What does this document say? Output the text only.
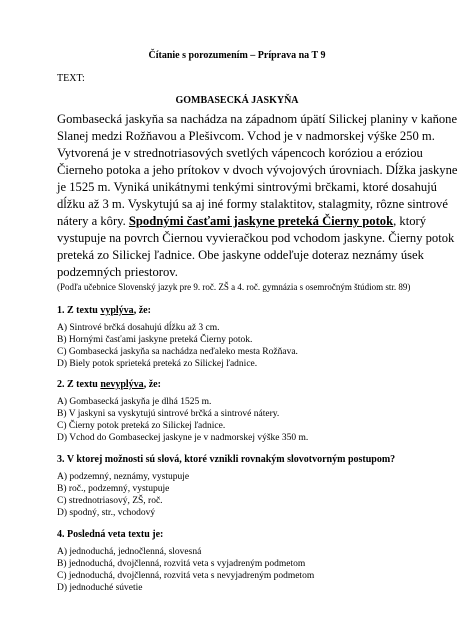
Čítanie s porozumením – Príprava na T 9
TEXT:
GOMBASECKÁ JASKYŇA
Gombasecká jaskyňa sa nachádza na západnom úpätí Silickej planiny v kaňone
Slanej medzi Rožňavou a Plešivcom. Vchod je v nadmorskej výške 250 m.
Vytvorená je v strednotriasových svetlých vápencoch koróziou a eróziou
Čierneho potoka a jeho prítokov v dvoch vývojových úrovniach. Dĺžka jaskyne
je 1525 m. Vyniká unikátnymi tenkými sintrovými brčkami, ktoré dosahujú
dĺžku až 3 m. Vyskytujú sa aj iné formy stalaktitov, stalagmity, rôzne sintrové
nátery a kôry. Spodnými časťami jaskyne preteká Čierny potok, ktorý
vystupuje na povrch Čiernou vyvieračkou pod vchodom jaskyne. Čierny potok
preteká zo Silickej ľadnice. Obe jaskyne oddeľuje doteraz neznámy úsek
podzemných priestorov.
(Podľa učebnice Slovenský jazyk pre 9. roč. ZŠ a 4. roč. gymnázia s osemročným štúdiom str. 89)
1. Z textu vyplýva, že:
A) Sintrové brčká dosahujú dĺžku až 3 cm.
B) Hornými časťami jaskyne preteká Čierny potok.
C) Gombasecká jaskyňa sa nachádza neďaleko mesta Rožňava.
D) Biely potok sprieteká preteká zo Silickej ľadnice.
2. Z textu nevyplýva, že:
A) Gombasecká jaskyňa je dlhá 1525 m.
B) V jaskyni sa vyskytujú sintrové brčká a sintrové nátery.
C) Čierny potok preteká zo Silickej ľadnice.
D) Vchod do Gombaseckej jaskyne je v nadmorskej výške 350 m.
3. V ktorej možnosti sú slová, ktoré vznikli rovnakým slovotvorným postupom?
A) podzemný, neznámy, vystupuje
B) roč., podzemný, vystupuje
C) strednotriasový, ZŠ, roč.
D) spodný, str., vchodový
4. Posledná veta textu je:
A) jednoduchá, jednočlenná, slovesná
B) jednoduchá, dvojčlenná, rozvitá veta s vyjadreným podmetom
C) jednoduchá, dvojčlenná, rozvitá veta s nevyjadreným podmetom
D) jednoduché súvetie
